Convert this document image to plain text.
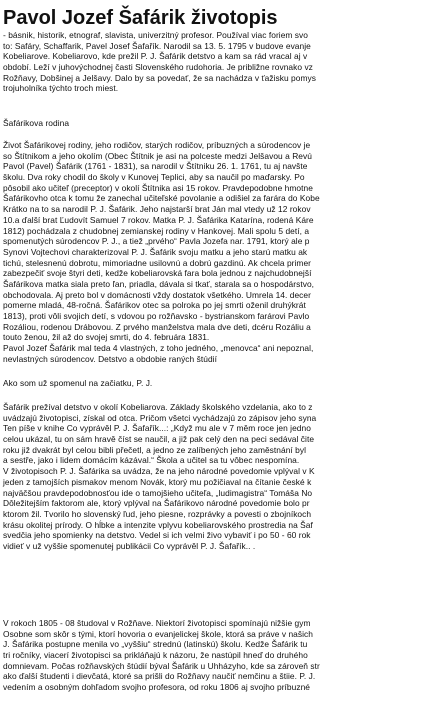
Pavol Jozef Šafárik životopis
- básnik, historik, etnograf, slavista, univerzitný profesor. Používal viac foriem svo
to: Safáry, Schaffarik, Pavel Josef Šafařík. Narodil sa 13. 5. 1795 v budove evanje
Kobeliarove. Kobeliarovo, kde prežil P. J. Šafárik detstvo a kam sa rád vracal aj v
období. Leží v juhovýchodnej časti Slovenského rudohoria. Je približne rovnako vz
Rožňavy, Dobšinej a Jelšavy. Dalo by sa povedať, že sa nachádza v ťažisku pomys
trojuholníka týchto troch miest.
Šafárikova rodina
Život Šafárikovej rodiny, jeho rodičov, starých rodičov, príbuzných a súrodencov je
so Štítnikom a jeho okolím (Obec Štítnik je asi na polceste medzi Jelšavou a Revú
Pavol (Pavel) Šafárik (1761 - 1831), sa narodil v Štítniku 26. 1. 1761, tu aj navšte
školu. Dva roky chodil do školy v Kunovej Teplici, aby sa naučil po maďarsky. Po
pôsobil ako učiteľ (preceptor) v okolí Štítnika asi 15 rokov. Pravdepodobne hmotne
Šafárikovho otca k tomu že zanechal učiteľské povolanie a odišiel za farára do Kobe
Krátko na to sa narodil P. J. Šafárik. Jeho najstarší brat Ján mal vtedy už 12 rokov
10.a ďalší brat Ľudovít Samuel 7 rokov. Matka P. J. Šafárika Katarína, rodená Káre
1812) pochádzala z chudobnej zemianskej rodiny v Hankovej. Mali spolu 5 detí, a
spomenutých súrodencov P. J., a tiež „prvého“ Pavla Jozefa nar. 1791, ktorý ale p
Synovi Vojtechovi charakterizoval P. J. Šafárik svoju matku a jeho starú matku ak
tichú, stelesnenú dobrotu, mimoriadne usilovnú a dobrú gazdinú. Ak chcela primer
zabezpečiť svoje štyri deti, kedže kobeliarovská fara bola jednou z najchudobnejší
Šafárikova matka siala preto ľan, priadla, dávala si tkať, starala sa o hospodárstvo,
obchodovala. Aj preto bol v domácnosti vždy dostatok všetkého. Umrela 14. decer
pomerne mladá, 48-ročná. Šafárikov otec sa polroka po jej smrti oženil druhýkrát
1813), proti vôli svojich detí, s vdovou po rožňavsko - bystrianskom farárovi Pavlo
Rozáliou, rodenou Drábovou. Z prvého manželstva mala dve deti, dcéru Rozáliu a
touto ženou, žil až do svojej smrti, do 4. februára 1831.
Pavol Jozef Šafárik mal teda 4 vlastných, z toho jedného, „menovca“ ani nepoznal,
nevlastných súrodencov. Detstvo a obdobie raných štúdií
Ako som už spomenul na začiatku, P. J.
Šafárik prežíval detstvo v okolí Kobeliarova. Základy školského vzdelania, ako to z
uvádzajú životopisci, získal od otca. Pričom všetci vychádzajú zo zápisov jeho syna
Ten píše v knihe Co vyprávěl P. J. Šafařík...: „Když mu ale v 7 měm roce jen jedno
celou ukázal, tu on sám hravě číst se naučil, a již pak celý den na peci sedával čite
roku již dvakrát byl celou bibli přečetl, a jedno ze zalíbených jeho zaměstnání byl
a sestře, jako i lidem domácím kázával.“ Škola a učitel sa tu vôbec nespomína.
V životopisoch P. J. Šafárika sa uvádza, že na jeho národné povedomie vplýval v K
jeden z tamojších pismakov menom Novák, ktorý mu požičiaval na čítanie české k
najväčšou pravdepodobnosťou ide o tamojšieho učiteľa, „ludimagistra“ Tomáša No
Dôležitejším faktorom ale, ktorý vplýval na Šafárikovo národné povedomie bolo pr
ktorom žil. Tvorilo ho slovenský ľud, jeho piesne, rozprávky a povesti o zbojníkoch
krásu okolitej prírody. O hĺbke a intenzite vplyvu kobeliarovského prostredia na Šaf
svedčia jeho spomienky na detstvo. Vedel si ich velmi živo vybaviť i po 50 - 60 rok
vidieť v už vyššie spomenutej publikácii Co vyprávěl P. J. Šafařík.. .
V rokoch 1805 - 08 študoval v Rožňave. Niektorí životopisci spomínajú nižšie gym
Osobne som skôr s tými, ktorí hovoria o evanjelickej škole, ktorá sa práve v našich
J. Šafárika postupne menila vo „vyššiu“ strednú (latinskú) školu. Kedže Šafárik tu
tri ročníky, viacerí životopisci sa prikláňajú k názoru, že nastúpil hneď do druhého
domnievam. Počas rožňavských štúdií býval Šafárik u Uhházyho, kde sa zároveň str
ako ďalší študenti i dievčatá, ktoré sa prišli do Rožňavy naučiť nemčinu a štiie. P. J.
vedením a osobným dohľadom svojho profesora, od roku 1806 aj svojho príbuzné
